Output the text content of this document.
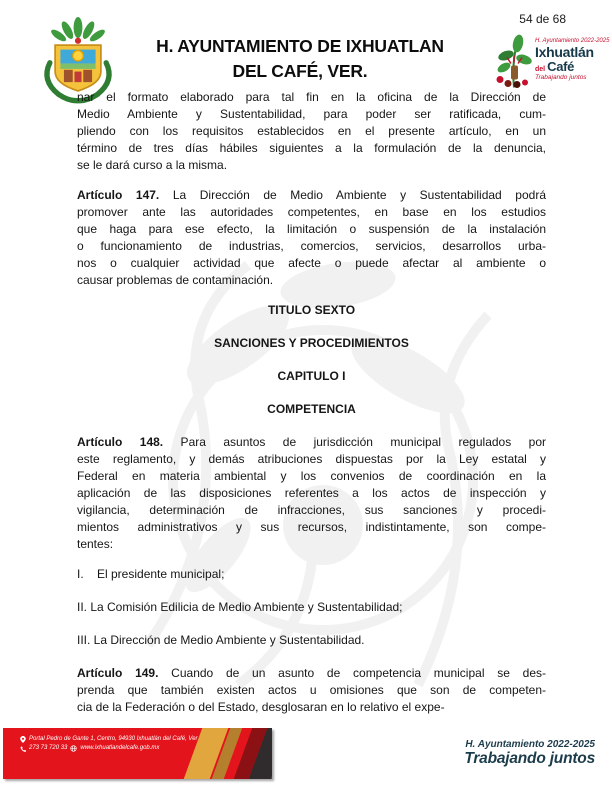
H. AYUNTAMIENTO DE IXHUATLAN
DEL CAFÉ, VER.
54 de 68
H. Ayuntamiento 2022-2025
Ixhuatlán
del Café
Trabajando juntos
nar el formato elaborado para tal fin en la oficina de la Dirección de
Medio Ambiente y Sustentabilidad, para poder ser ratificada, cum-
pliendo con los requisitos establecidos en el presente artículo, en un
término de tres días hábiles siguientes a la formulación de la denuncia,
se le dará curso a la misma.
Artículo 147. La Dirección de Medio Ambiente y Sustentabilidad podrá
promover ante las autoridades competentes, en base en los estudios
que haga para ese efecto, la limitación o suspensión de la instalación
o funcionamiento de industrias, comercios, servicios, desarrollos urba-
nos o cualquier actividad que afecte o puede afectar al ambiente o
causar problemas de contaminación.
TITULO SEXTO
SANCIONES Y PROCEDIMIENTOS
CAPITULO I
COMPETENCIA
Artículo 148. Para asuntos de jurisdicción municipal regulados por
este reglamento, y demás atribuciones dispuestas por la Ley estatal y
Federal en materia ambiental y los convenios de coordinación en la
aplicación de las disposiciones referentes a los actos de inspección y
vigilancia, determinación de infracciones, sus sanciones y procedi-
mientos administrativos y sus recursos, indistintamente, son compe-
tentes:
I.    El presidente municipal;
II. La Comisión Edilicia de Medio Ambiente y Sustentabilidad;
III. La Dirección de Medio Ambiente y Sustentabilidad.
Artículo 149. Cuando de un asunto de competencia municipal se des-
prenda que también existen actos u omisiones que son de competen-
cia de la Federación o del Estado, desglosaran en lo relativo el expe-
Portal Pedro de Gante 1, Centro, 94930 Ixhuatlán del Café, Ver
273 73 720 33 www.ixhuatlandelcafe.gob.mx	H. Ayuntamiento 2022-2025
Trabajando juntos
